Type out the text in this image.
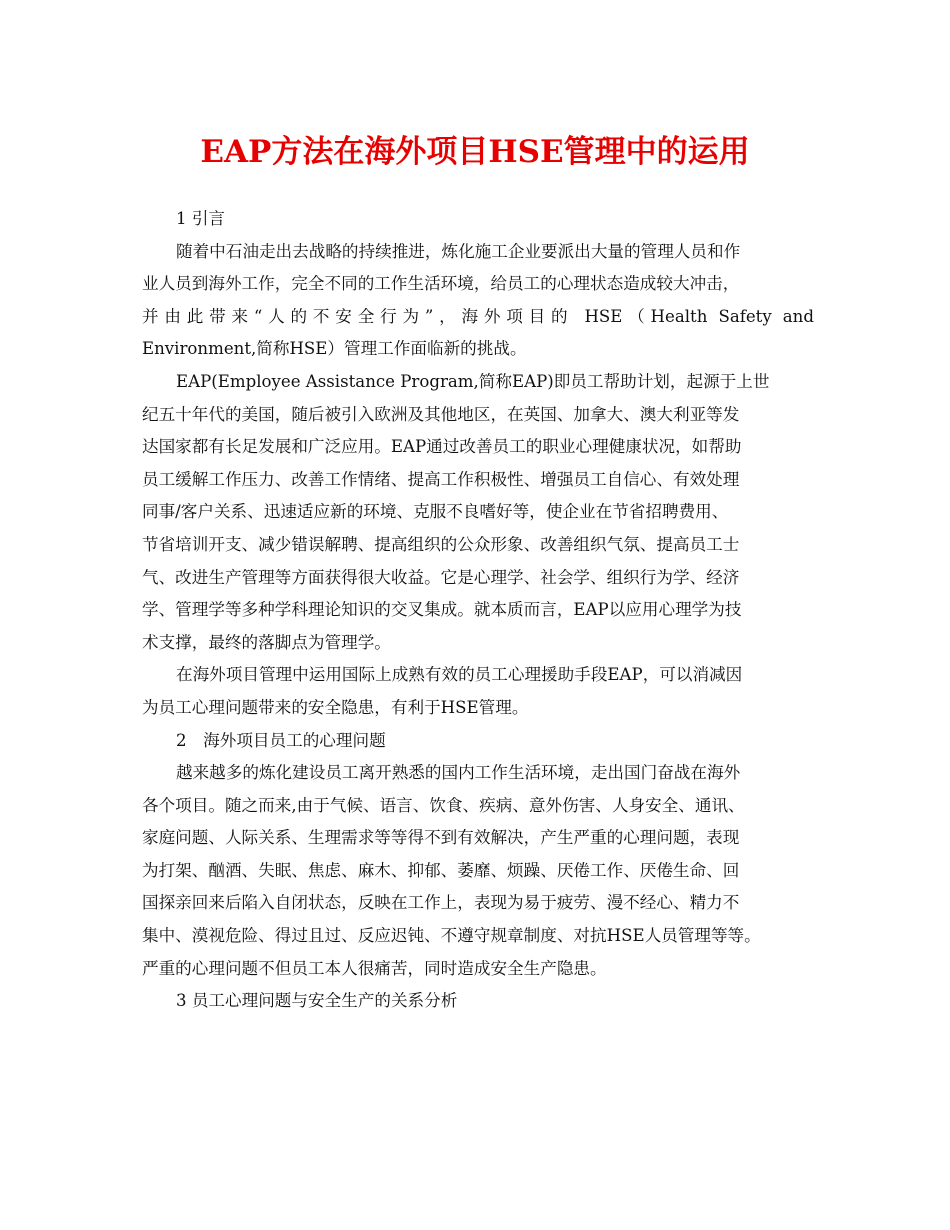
EAP方法在海外项目HSE管理中的运用
1 引言
随着中石油走出去战略的持续推进，炼化施工企业要派出大量的管理人员和作
业人员到海外工作，完全不同的工作生活环境，给员工的心理状态造成较大冲击，
并由此带来“人的不安全行为”，海外项目的 HSE（Health Safety and
Environment,简称HSE）管理工作面临新的挑战。
EAP(Employee Assistance Program,简称EAP)即员工帮助计划，起源于上世
纪五十年代的美国，随后被引入欧洲及其他地区，在英国、加拿大、澳大利亚等发
达国家都有长足发展和广泛应用。EAP通过改善员工的职业心理健康状况，如帮助
员工缓解工作压力、改善工作情绪、提高工作积极性、增强员工自信心、有效处理
同事/客户关系、迅速适应新的环境、克服不良嗜好等，使企业在节省招聘费用、
节省培训开支、减少错误解聘、提高组织的公众形象、改善组织气氛、提高员工士
气、改进生产管理等方面获得很大收益。它是心理学、社会学、组织行为学、经济
学、管理学等多种学科理论知识的交叉集成。就本质而言，EAP以应用心理学为技
术支撑，最终的落脚点为管理学。
在海外项目管理中运用国际上成熟有效的员工心理援助手段EAP，可以消减因
为员工心理问题带来的安全隐患，有利于HSE管理。
2　海外项目员工的心理问题
越来越多的炼化建设员工离开熟悉的国内工作生活环境，走出国门奋战在海外
各个项目。随之而来,由于气候、语言、饮食、疾病、意外伤害、人身安全、通讯、
家庭问题、人际关系、生理需求等等得不到有效解决，产生严重的心理问题，表现
为打架、酗酒、失眠、焦虑、麻木、抑郁、萎靡、烦躁、厌倦工作、厌倦生命、回
国探亲回来后陷入自闭状态，反映在工作上，表现为易于疲劳、漫不经心、精力不
集中、漠视危险、得过且过、反应迟钝、不遵守规章制度、对抗HSE人员管理等等。
严重的心理问题不但员工本人很痛苦，同时造成安全生产隐患。
3 员工心理问题与安全生产的关系分析
